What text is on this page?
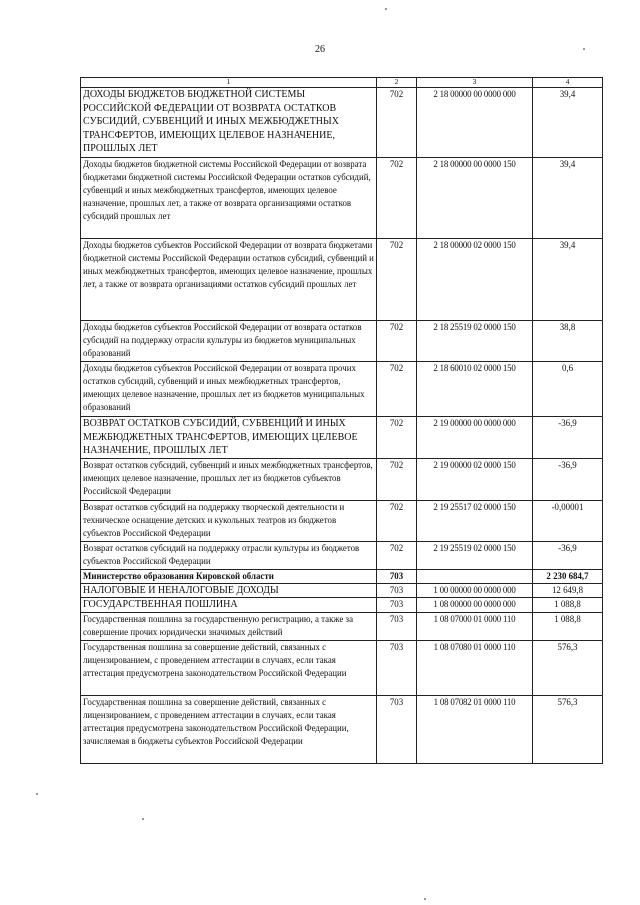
26
1	2	3	4
ДОХОДЫ БЮДЖЕТОВ БЮДЖЕТНОЙ СИСТЕМЫ РОССИЙСКОЙ ФЕДЕРАЦИИ ОТ ВОЗВРАТА ОСТАТКОВ СУБСИДИЙ, СУБВЕНЦИЙ И ИНЫХ МЕЖБЮДЖЕТНЫХ ТРАНСФЕРТОВ, ИМЕЮЩИХ ЦЕЛЕВОЕ НАЗНАЧЕНИЕ, ПРОШЛЫХ ЛЕТ	702	2 18 00000 00 0000 000	39,4
Доходы бюджетов бюджетной системы Российской Федерации от возврата бюджетами бюджетной системы Российской Федерации остатков субсидий, субвенций и иных межбюджетных трансфертов, имеющих целевое назначение, прошлых лет, а также от возврата организациями остатков субсидий прошлых лет	702	2 18 00000 00 0000 150	39,4
Доходы бюджетов субъектов Российской Федерации от возврата бюджетами бюджетной системы Российской Федерации остатков субсидий, субвенций и иных межбюджетных трансфертов, имеющих целевое назначение, прошлых лет, а также от возврата организациями остатков субсидий прошлых лет	702	2 18 00000 02 0000 150	39,4
Доходы бюджетов субъектов Российской Федерации от возврата остатков субсидий на поддержку отрасли культуры из бюджетов муниципальных образований	702	2 18 25519 02 0000 150	38,8
Доходы бюджетов субъектов Российской Федерации от возврата прочих остатков субсидий, субвенций и иных межбюджетных трансфертов, имеющих целевое назначение, прошлых лет из бюджетов муниципальных образований	702	2 18 60010 02 0000 150	0,6
ВОЗВРАТ ОСТАТКОВ СУБСИДИЙ, СУБВЕНЦИЙ И ИНЫХ МЕЖБЮДЖЕТНЫХ ТРАНСФЕРТОВ, ИМЕЮЩИХ ЦЕЛЕВОЕ НАЗНАЧЕНИЕ, ПРОШЛЫХ ЛЕТ	702	2 19 00000 00 0000 000	-36,9
Возврат остатков субсидий, субвенций и иных межбюджетных трансфертов, имеющих целевое назначение, прошлых лет из бюджетов субъектов Российской Федерации	702	2 19 00000 02 0000 150	-36,9
Возврат остатков субсидий на поддержку творческой деятельности и техническое оснащение детских и кукольных театров из бюджетов субъектов Российской Федерации	702	2 19 25517 02 0000 150	-0,00001
Возврат остатков субсидий на поддержку отрасли культуры из бюджетов субъектов Российской Федерации	702	2 19 25519 02 0000 150	-36,9
Министерство образования Кировской области	703		2 230 684,7
НАЛОГОВЫЕ И НЕНАЛОГОВЫЕ ДОХОДЫ	703	1 00 00000 00 0000 000	12 649,8
ГОСУДАРСТВЕННАЯ ПОШЛИНА	703	1 08 00000 00 0000 000	1 088,8
Государственная пошлина за государственную регистрацию, а также за совершение прочих юридически значимых действий	703	1 08 07000 01 0000 110	1 088,8
Государственная пошлина за совершение действий, связанных с лицензированием, с проведением аттестации в случаях, если такая аттестация предусмотрена законодательством Российской Федерации	703	1 08 07080 01 0000 110	576,3
Государственная пошлина за совершение действий, связанных с лицензированием, с проведением аттестации в случаях, если такая аттестация предусмотрена законодательством Российской Федерации, зачисляемая в бюджеты субъектов Российской Федерации	703	1 08 07082 01 0000 110	576,3
